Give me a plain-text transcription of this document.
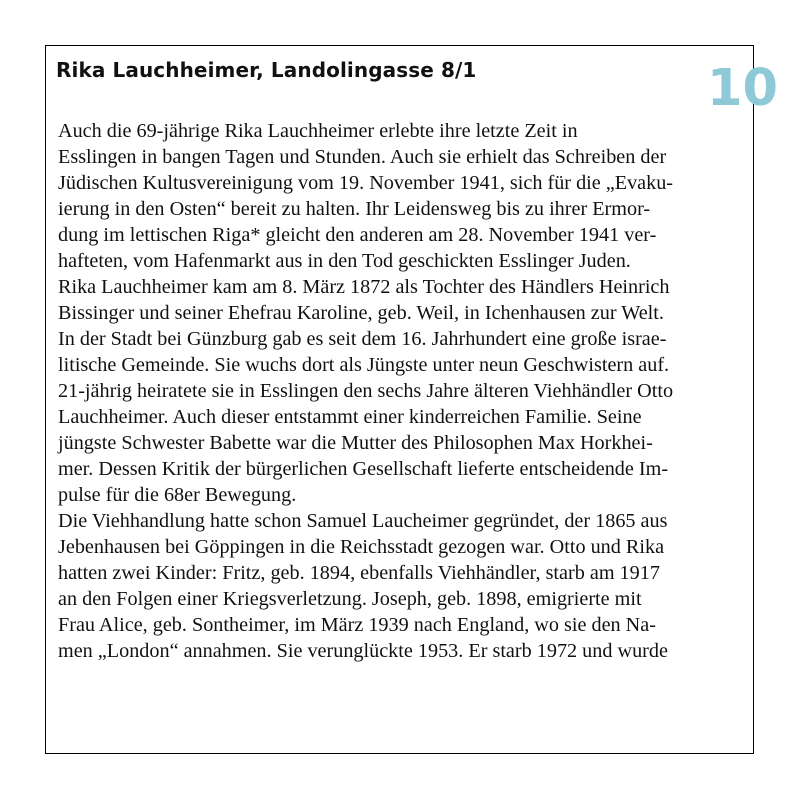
Rika Lauchheimer, Landolingasse 8/1	10
Auch die 69-jährige Rika Lauchheimer erlebte ihre letzte Zeit in
Esslingen in bangen Tagen und Stunden. Auch sie erhielt das Schreiben der
Jüdischen Kultusvereinigung vom 19. November 1941, sich für die „Evaku-
ierung in den Osten“ bereit zu halten. Ihr Leidensweg bis zu ihrer Ermor-
dung im lettischen Riga* gleicht den anderen am 28. November 1941 ver-
hafteten, vom Hafenmarkt aus in den Tod geschickten Esslinger Juden.
Rika Lauchheimer kam am 8. März 1872 als Tochter des Händlers Heinrich
Bissinger und seiner Ehefrau Karoline, geb. Weil, in Ichenhausen zur Welt.
In der Stadt bei Günzburg gab es seit dem 16. Jahrhundert eine große israe-
litische Gemeinde. Sie wuchs dort als Jüngste unter neun Geschwistern auf.
21-jährig heiratete sie in Esslingen den sechs Jahre älteren Viehhändler Otto
Lauchheimer. Auch dieser entstammt einer kinderreichen Familie. Seine
jüngste Schwester Babette war die Mutter des Philosophen Max Horkhei-
mer. Dessen Kritik der bürgerlichen Gesellschaft lieferte entscheidende Im-
pulse für die 68er Bewegung.
Die Viehhandlung hatte schon Samuel Laucheimer gegründet, der 1865 aus
Jebenhausen bei Göppingen in die Reichsstadt gezogen war. Otto und Rika
hatten zwei Kinder: Fritz, geb. 1894, ebenfalls Viehhändler, starb am 1917
an den Folgen einer Kriegsverletzung. Joseph, geb. 1898, emigrierte mit
Frau Alice, geb. Sontheimer, im März 1939 nach England, wo sie den Na-
men „London“ annahmen. Sie verunglückte 1953. Er starb 1972 und wurde
